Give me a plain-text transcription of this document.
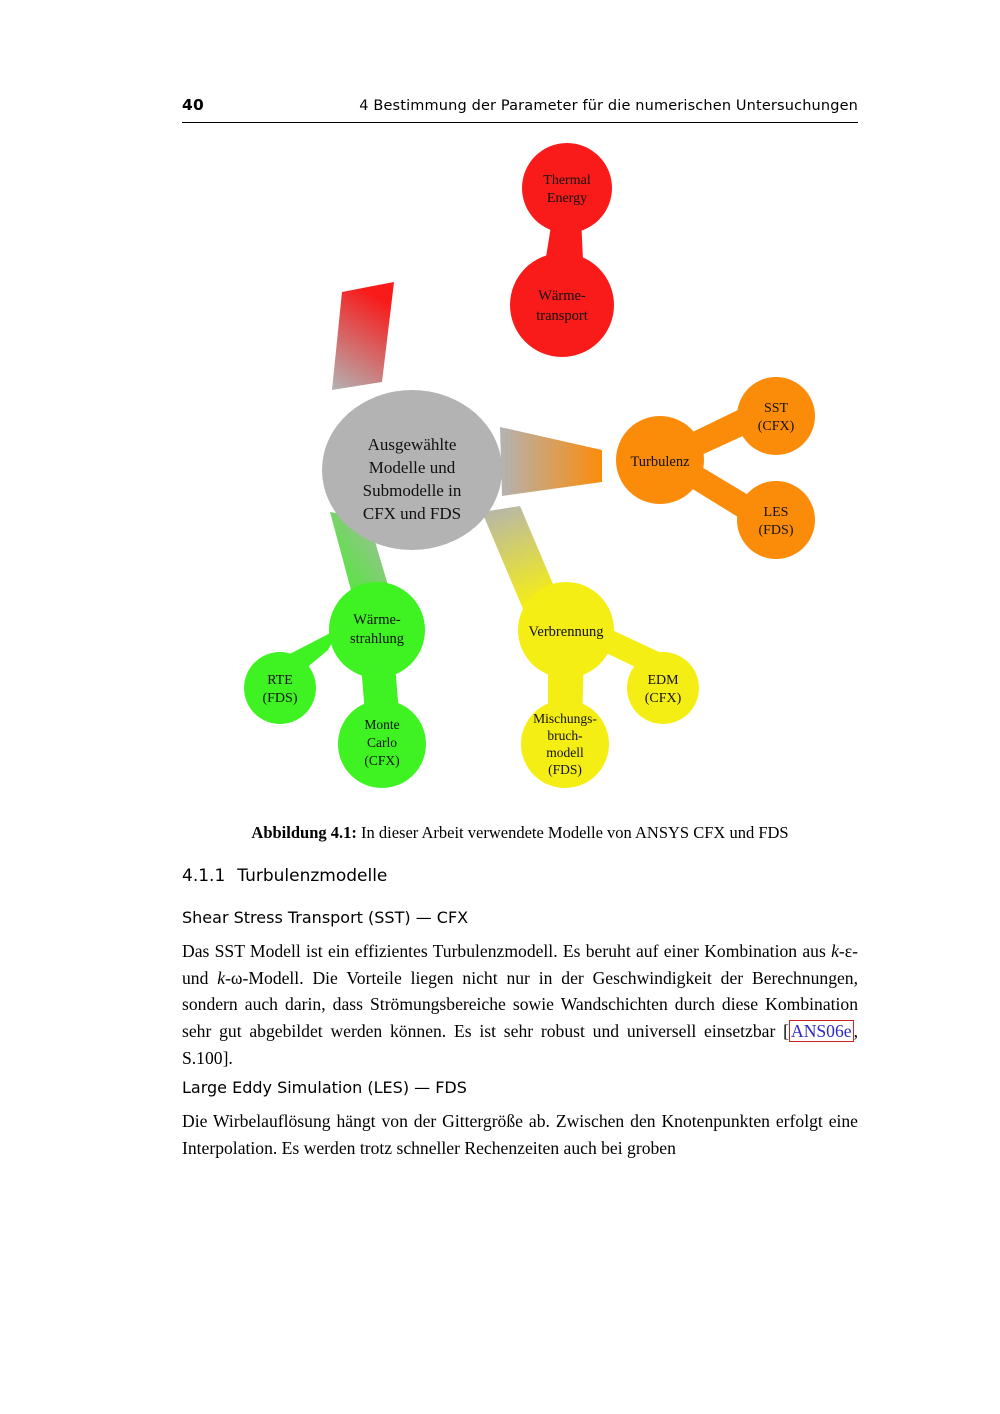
40	4 Bestimmung der Parameter für die numerischen Untersuchungen
Ausgewählte
Modelle und
Submodelle in
CFX und FDS
Thermal
Energy
Wärme-
transport
Turbulenz
SST
(CFX)
LES
(FDS)
Verbrennung
EDM
(CFX)
Mischungs-
bruch-
modell
(FDS)
Wärme-
strahlung
RTE
(FDS)
Monte
Carlo
(CFX)
Abbildung 4.1: In dieser Arbeit verwendete Modelle von ANSYS CFX und FDS
4.1.1 Turbulenzmodelle
Shear Stress Transport (SST) — CFX
Das SST Modell ist ein effizientes Turbulenzmodell. Es beruht auf einer Kombination aus k-ε- und k-ω-Modell. Die Vorteile liegen nicht nur in der Geschwindigkeit der Berechnungen, sondern auch darin, dass Strömungsbereiche sowie Wandschichten durch diese Kombination sehr gut abgebildet werden können. Es ist sehr robust und universell einsetzbar [ ANS06e , S.100].
Large Eddy Simulation (LES) — FDS
Die Wirbelauflösung hängt von der Gittergröße ab. Zwischen den Knotenpunkten erfolgt eine Interpolation. Es werden trotz schneller Rechenzeiten auch bei groben
